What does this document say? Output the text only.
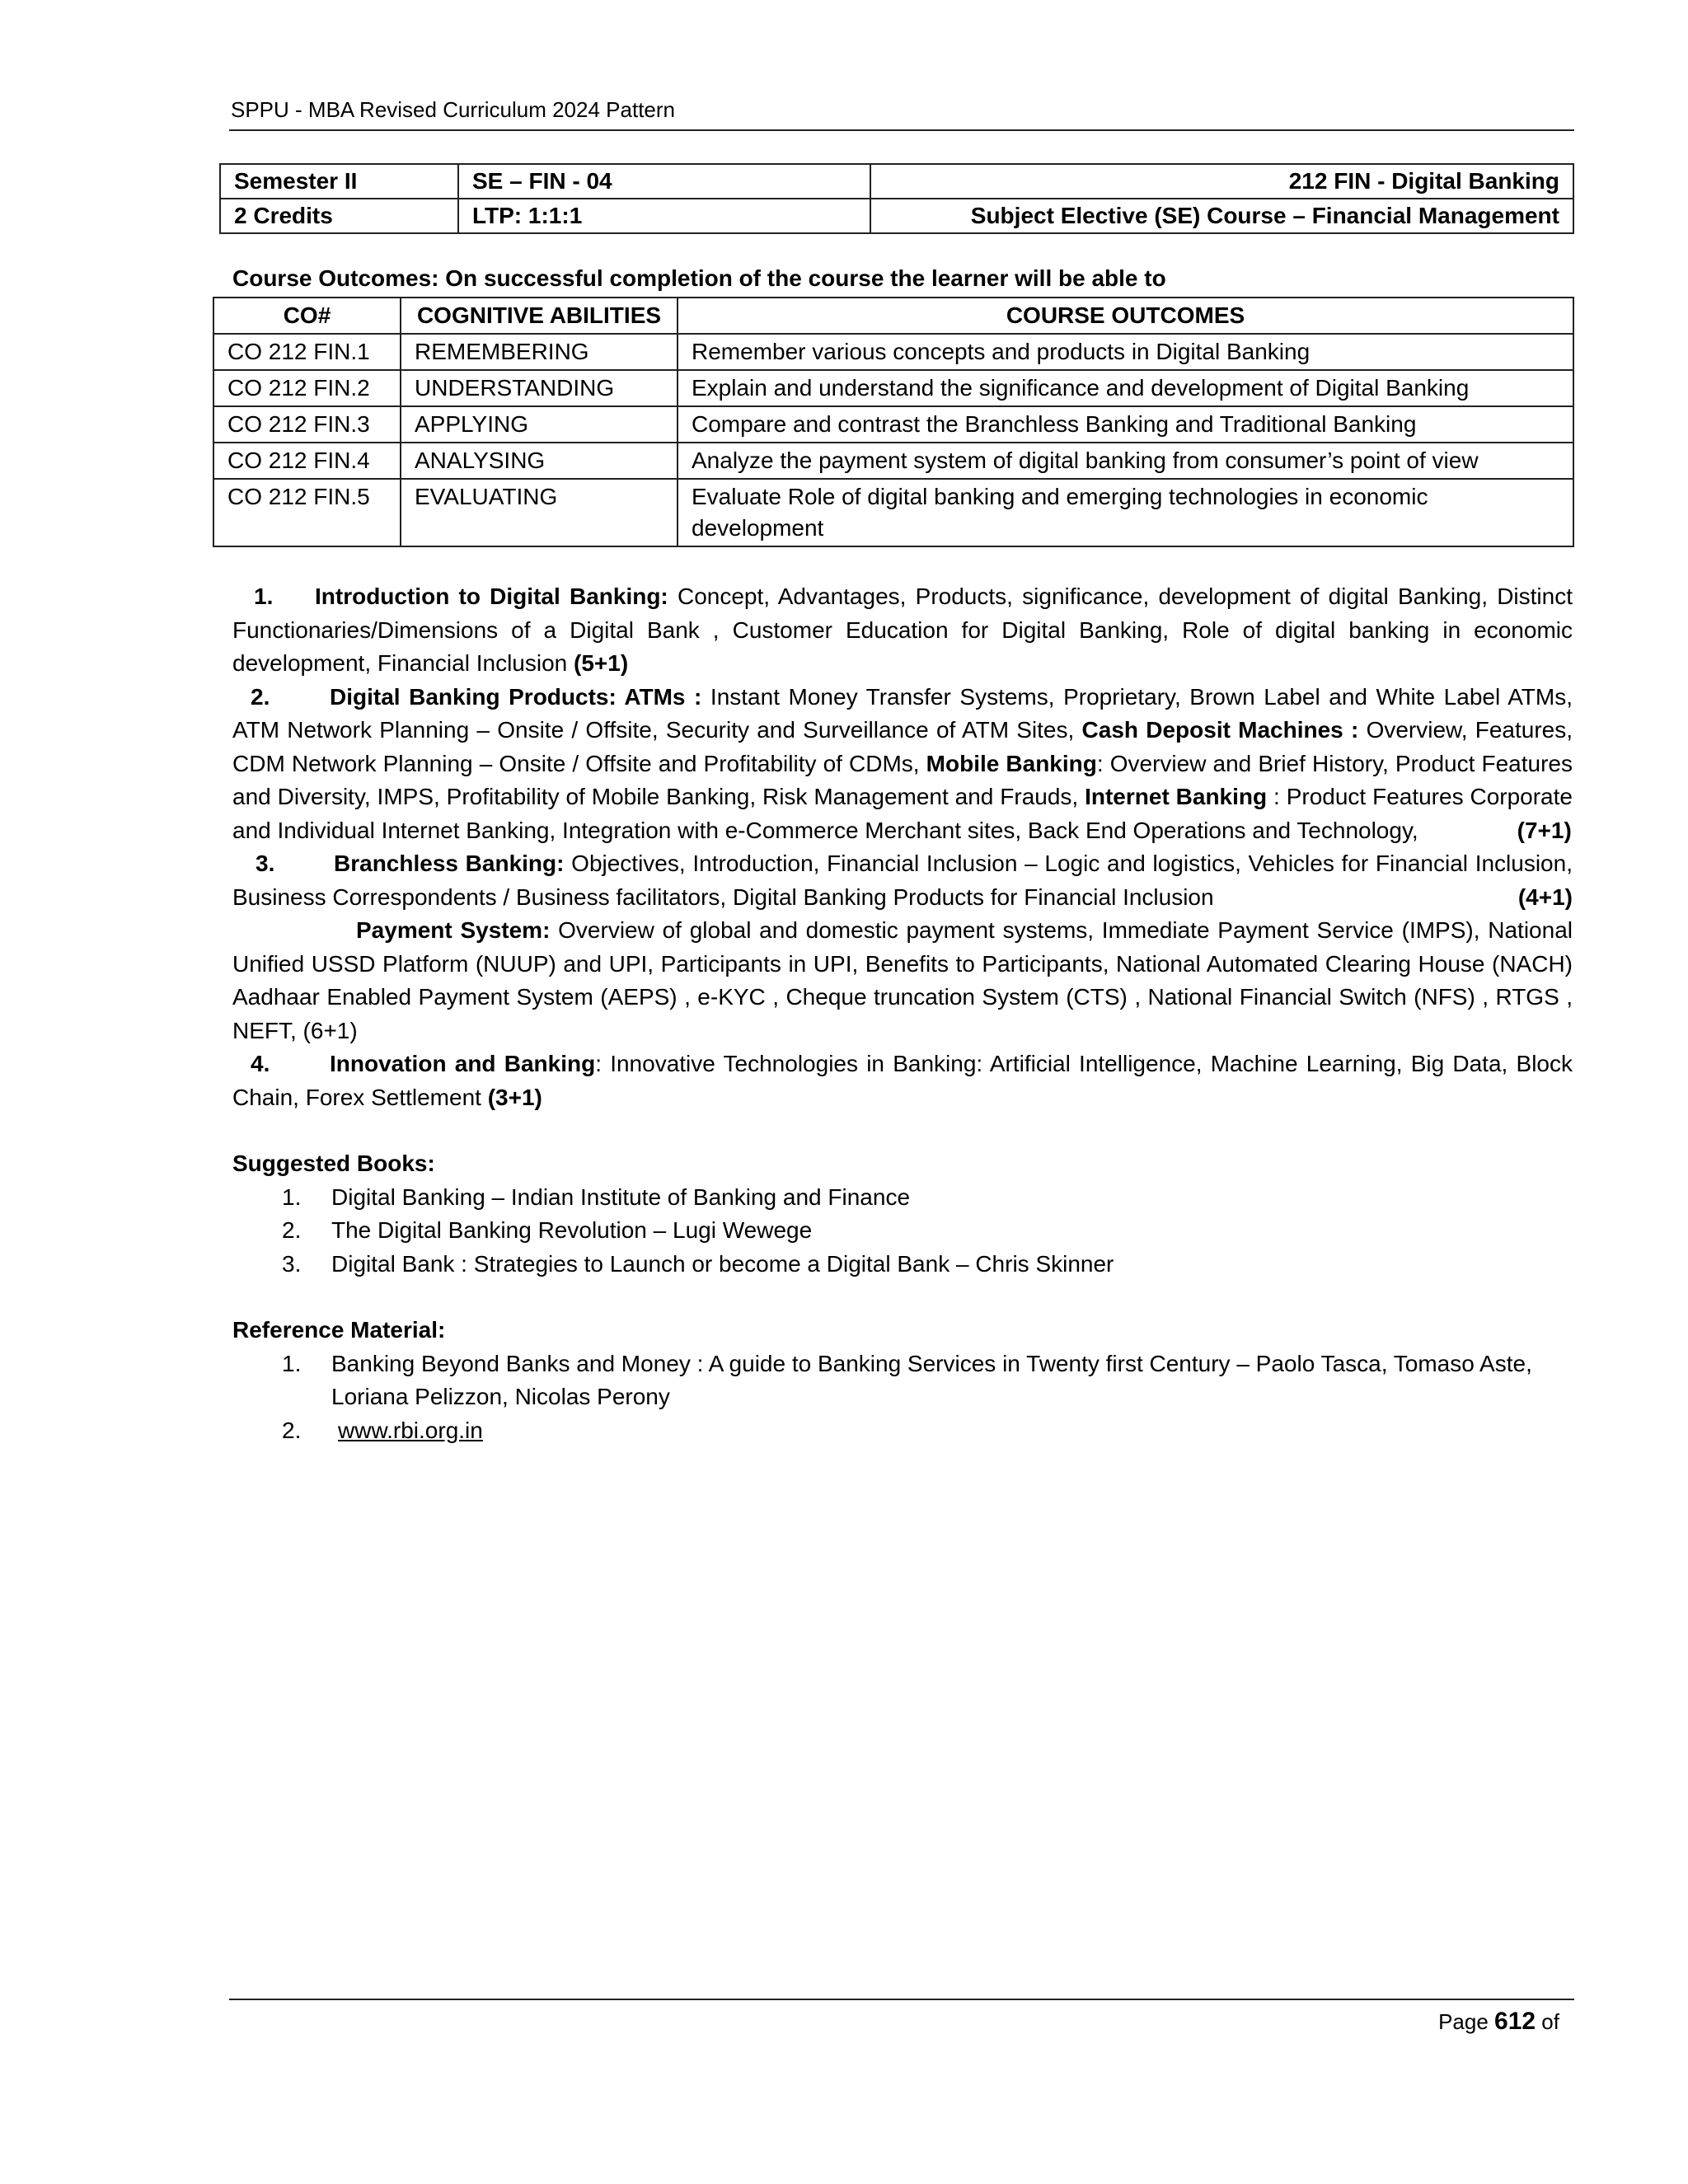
SPPU - MBA Revised Curriculum 2024 Pattern
Semester II	SE – FIN - 04	212 FIN - Digital Banking
2 Credits	LTP: 1:1:1	Subject Elective (SE) Course – Financial Management
Course Outcomes: On successful completion of the course the learner will be able to
CO#	COGNITIVE ABILITIES	COURSE OUTCOMES
CO 212 FIN.1	REMEMBERING	Remember various concepts and products in Digital Banking
CO 212 FIN.2	UNDERSTANDING	Explain and understand the significance and development of Digital Banking
CO 212 FIN.3	APPLYING	Compare and contrast the Branchless Banking and Traditional Banking
CO 212 FIN.4	ANALYSING	Analyze the payment system of digital banking from consumer’s point of view
CO 212 FIN.5	EVALUATING	Evaluate Role of digital banking and emerging technologies in economic development

1. Introduction to Digital Banking: Concept, Advantages, Products, significance, development of digital Banking, Distinct Functionaries/Dimensions of a Digital Bank , Customer Education for Digital Banking, Role of digital banking in economic development, Financial Inclusion (5+1)

2.	Digital Banking Products: ATMs : Instant Money Transfer Systems, Proprietary, Brown Label and White Label ATMs, ATM Network Planning – Onsite / Offsite, Security and Surveillance of ATM Sites, Cash Deposit Machines : Overview, Features, CDM Network Planning – Onsite / Offsite and Profitability of CDMs, Mobile Banking: Overview and Brief History, Product Features and Diversity, IMPS, Profitability of Mobile Banking, Risk Management and Frauds, Internet Banking : Product Features Corporate and Individual Internet Banking, Integration with e-Commerce Merchant sites, Back End Operations and Technology,	(7+1)

3.	Branchless Banking: Objectives, Introduction, Financial Inclusion – Logic and logistics, Vehicles for Financial Inclusion, Business Correspondents / Business facilitators, Digital Banking Products for Financial Inclusion	(4+1)

Payment System: Overview of global and domestic payment systems, Immediate Payment Service (IMPS), National Unified USSD Platform (NUUP) and UPI, Participants in UPI, Benefits to Participants, National Automated Clearing House (NACH) Aadhaar Enabled Payment System (AEPS) , e-KYC , Cheque truncation System (CTS) , National Financial Switch (NFS) , RTGS , NEFT, (6+1)

4.	Innovation and Banking: Innovative Technologies in Banking: Artificial Intelligence, Machine Learning, Big Data, Block Chain, Forex Settlement (3+1)

Suggested Books:
1. Digital Banking – Indian Institute of Banking and Finance
2. The Digital Banking Revolution – Lugi Wewege
3. Digital Bank : Strategies to Launch or become a Digital Bank – Chris Skinner
Reference Material:
1. Banking Beyond Banks and Money : A guide to Banking Services in Twenty first Century – Paolo Tasca, Tomaso Aste, Loriana Pelizzon, Nicolas Perony
2. www.rbi.org.in
Page 612 of
